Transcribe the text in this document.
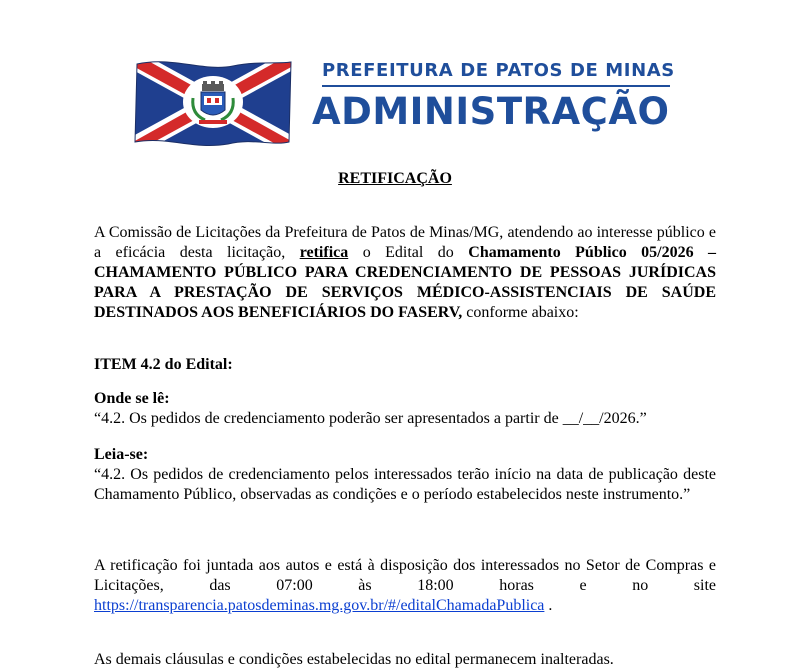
PREFEITURA DE PATOS DE MINAS
ADMINISTRAÇÃO
RETIFICAÇÃO
A Comissão de Licitações da Prefeitura de Patos de Minas/MG, atendendo ao interesse público e
a eficácia desta licitação, retifica o Edital do Chamamento Público 05/2026 –
CHAMAMENTO PÚBLICO PARA CREDENCIAMENTO DE PESSOAS JURÍDICAS
PARA A PRESTAÇÃO DE SERVIÇOS MÉDICO-ASSISTENCIAIS DE SAÚDE
DESTINADOS AOS BENEFICIÁRIOS DO FASERV, conforme abaixo:
ITEM 4.2 do Edital:
Onde se lê:
“4.2. Os pedidos de credenciamento poderão ser apresentados a partir de __/__/2026.”
Leia-se:
“4.2. Os pedidos de credenciamento pelos interessados terão início na data de publicação deste
Chamamento Público, observadas as condições e o período estabelecidos neste instrumento.”
A retificação foi juntada aos autos e está à disposição dos interessados no Setor de Compras e
Licitações, das 07:00 às 18:00 horas e no site
https://transparencia.patosdeminas.mg.gov.br/#/editalChamadaPublica .
As demais cláusulas e condições estabelecidas no edital permanecem inalteradas.
